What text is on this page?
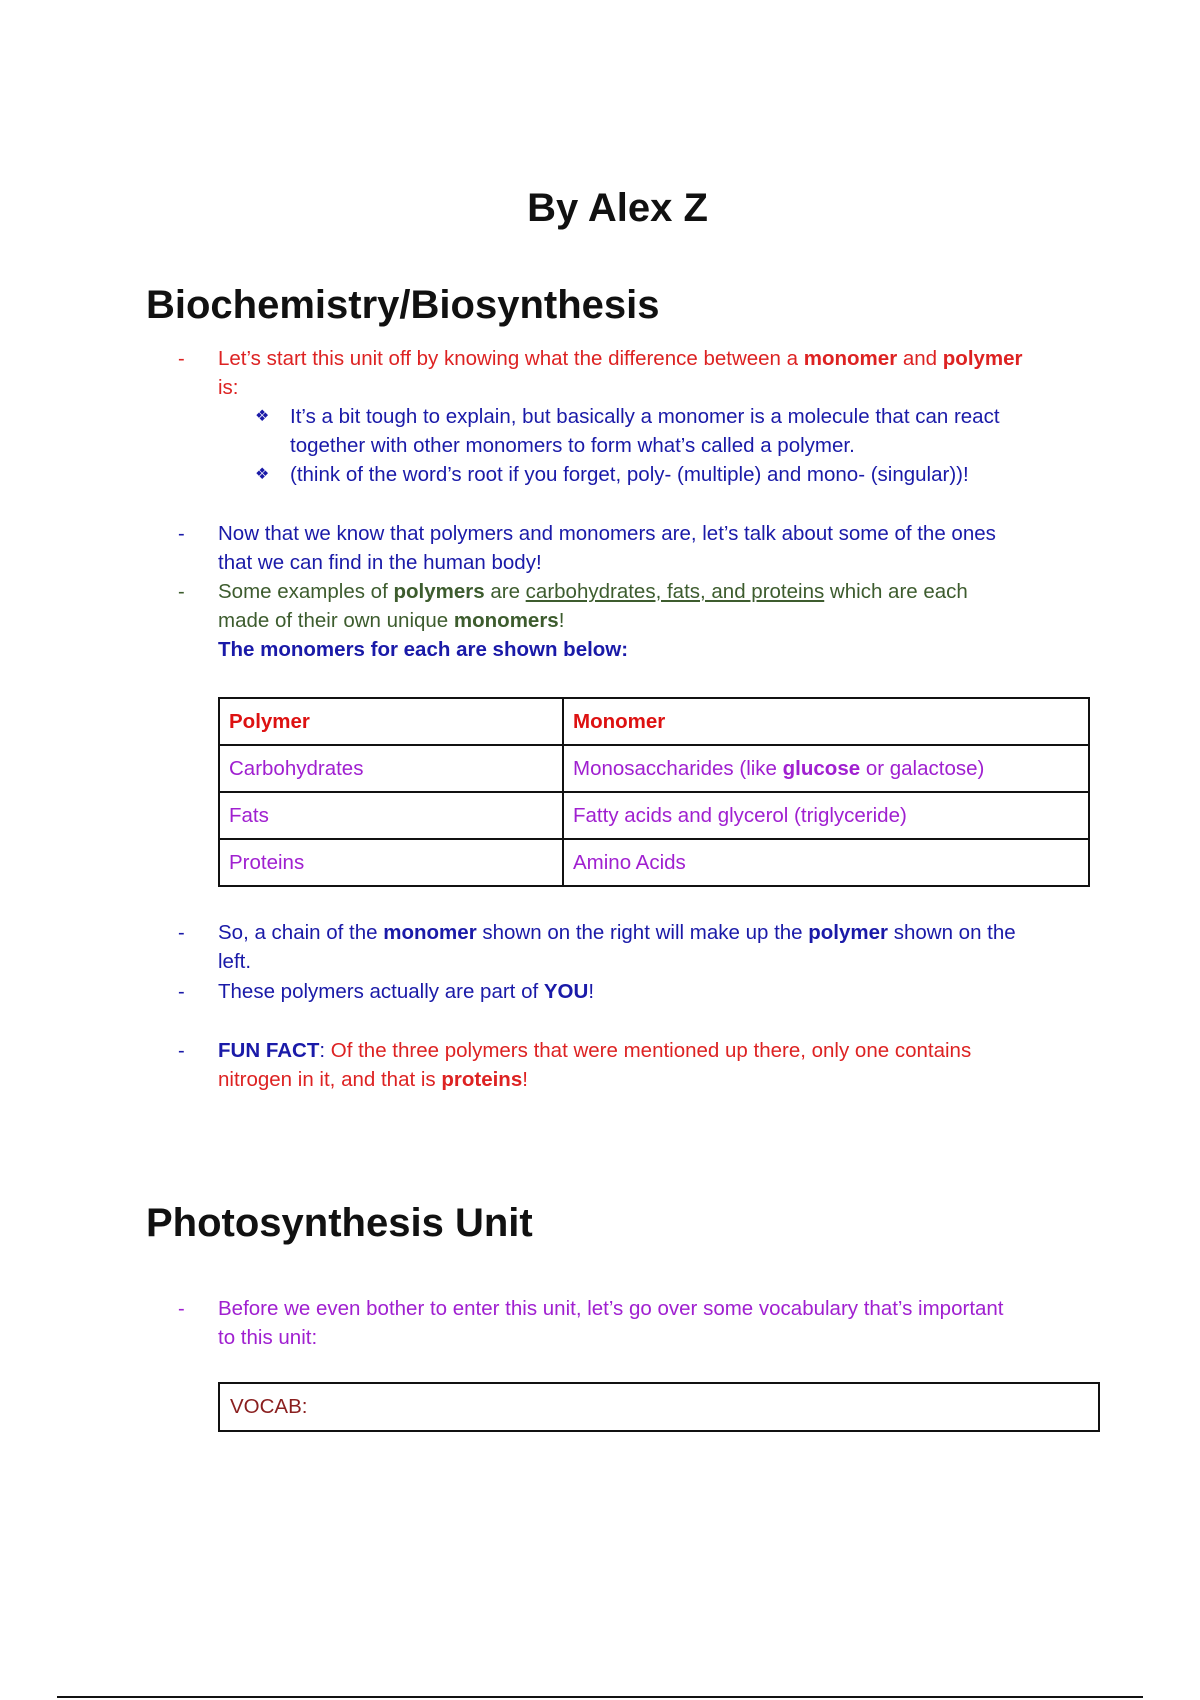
By Alex Z
Biochemistry/Biosynthesis
- Let’s start this unit off by knowing what the difference between a monomer and polymer
is:
❖ It’s a bit tough to explain, but basically a monomer is a molecule that can react
together with other monomers to form what’s called a polymer.
❖ (think of the word’s root if you forget, poly- (multiple) and mono- (singular))!
- Now that we know that polymers and monomers are, let’s talk about some of the ones
that we can find in the human body!
- Some examples of polymers are carbohydrates, fats, and proteins which are each
made of their own unique monomers!
The monomers for each are shown below:
Polymer	Monomer
Carbohydrates	Monosaccharides (like glucose or galactose)
Fats	Fatty acids and glycerol (triglyceride)
Proteins	Amino Acids
- So, a chain of the monomer shown on the right will make up the polymer shown on the
left.
- These polymers actually are part of YOU!
- FUN FACT: Of the three polymers that were mentioned up there, only one contains
nitrogen in it, and that is proteins!
Photosynthesis Unit
- Before we even bother to enter this unit, let’s go over some vocabulary that’s important
to this unit:
VOCAB:
